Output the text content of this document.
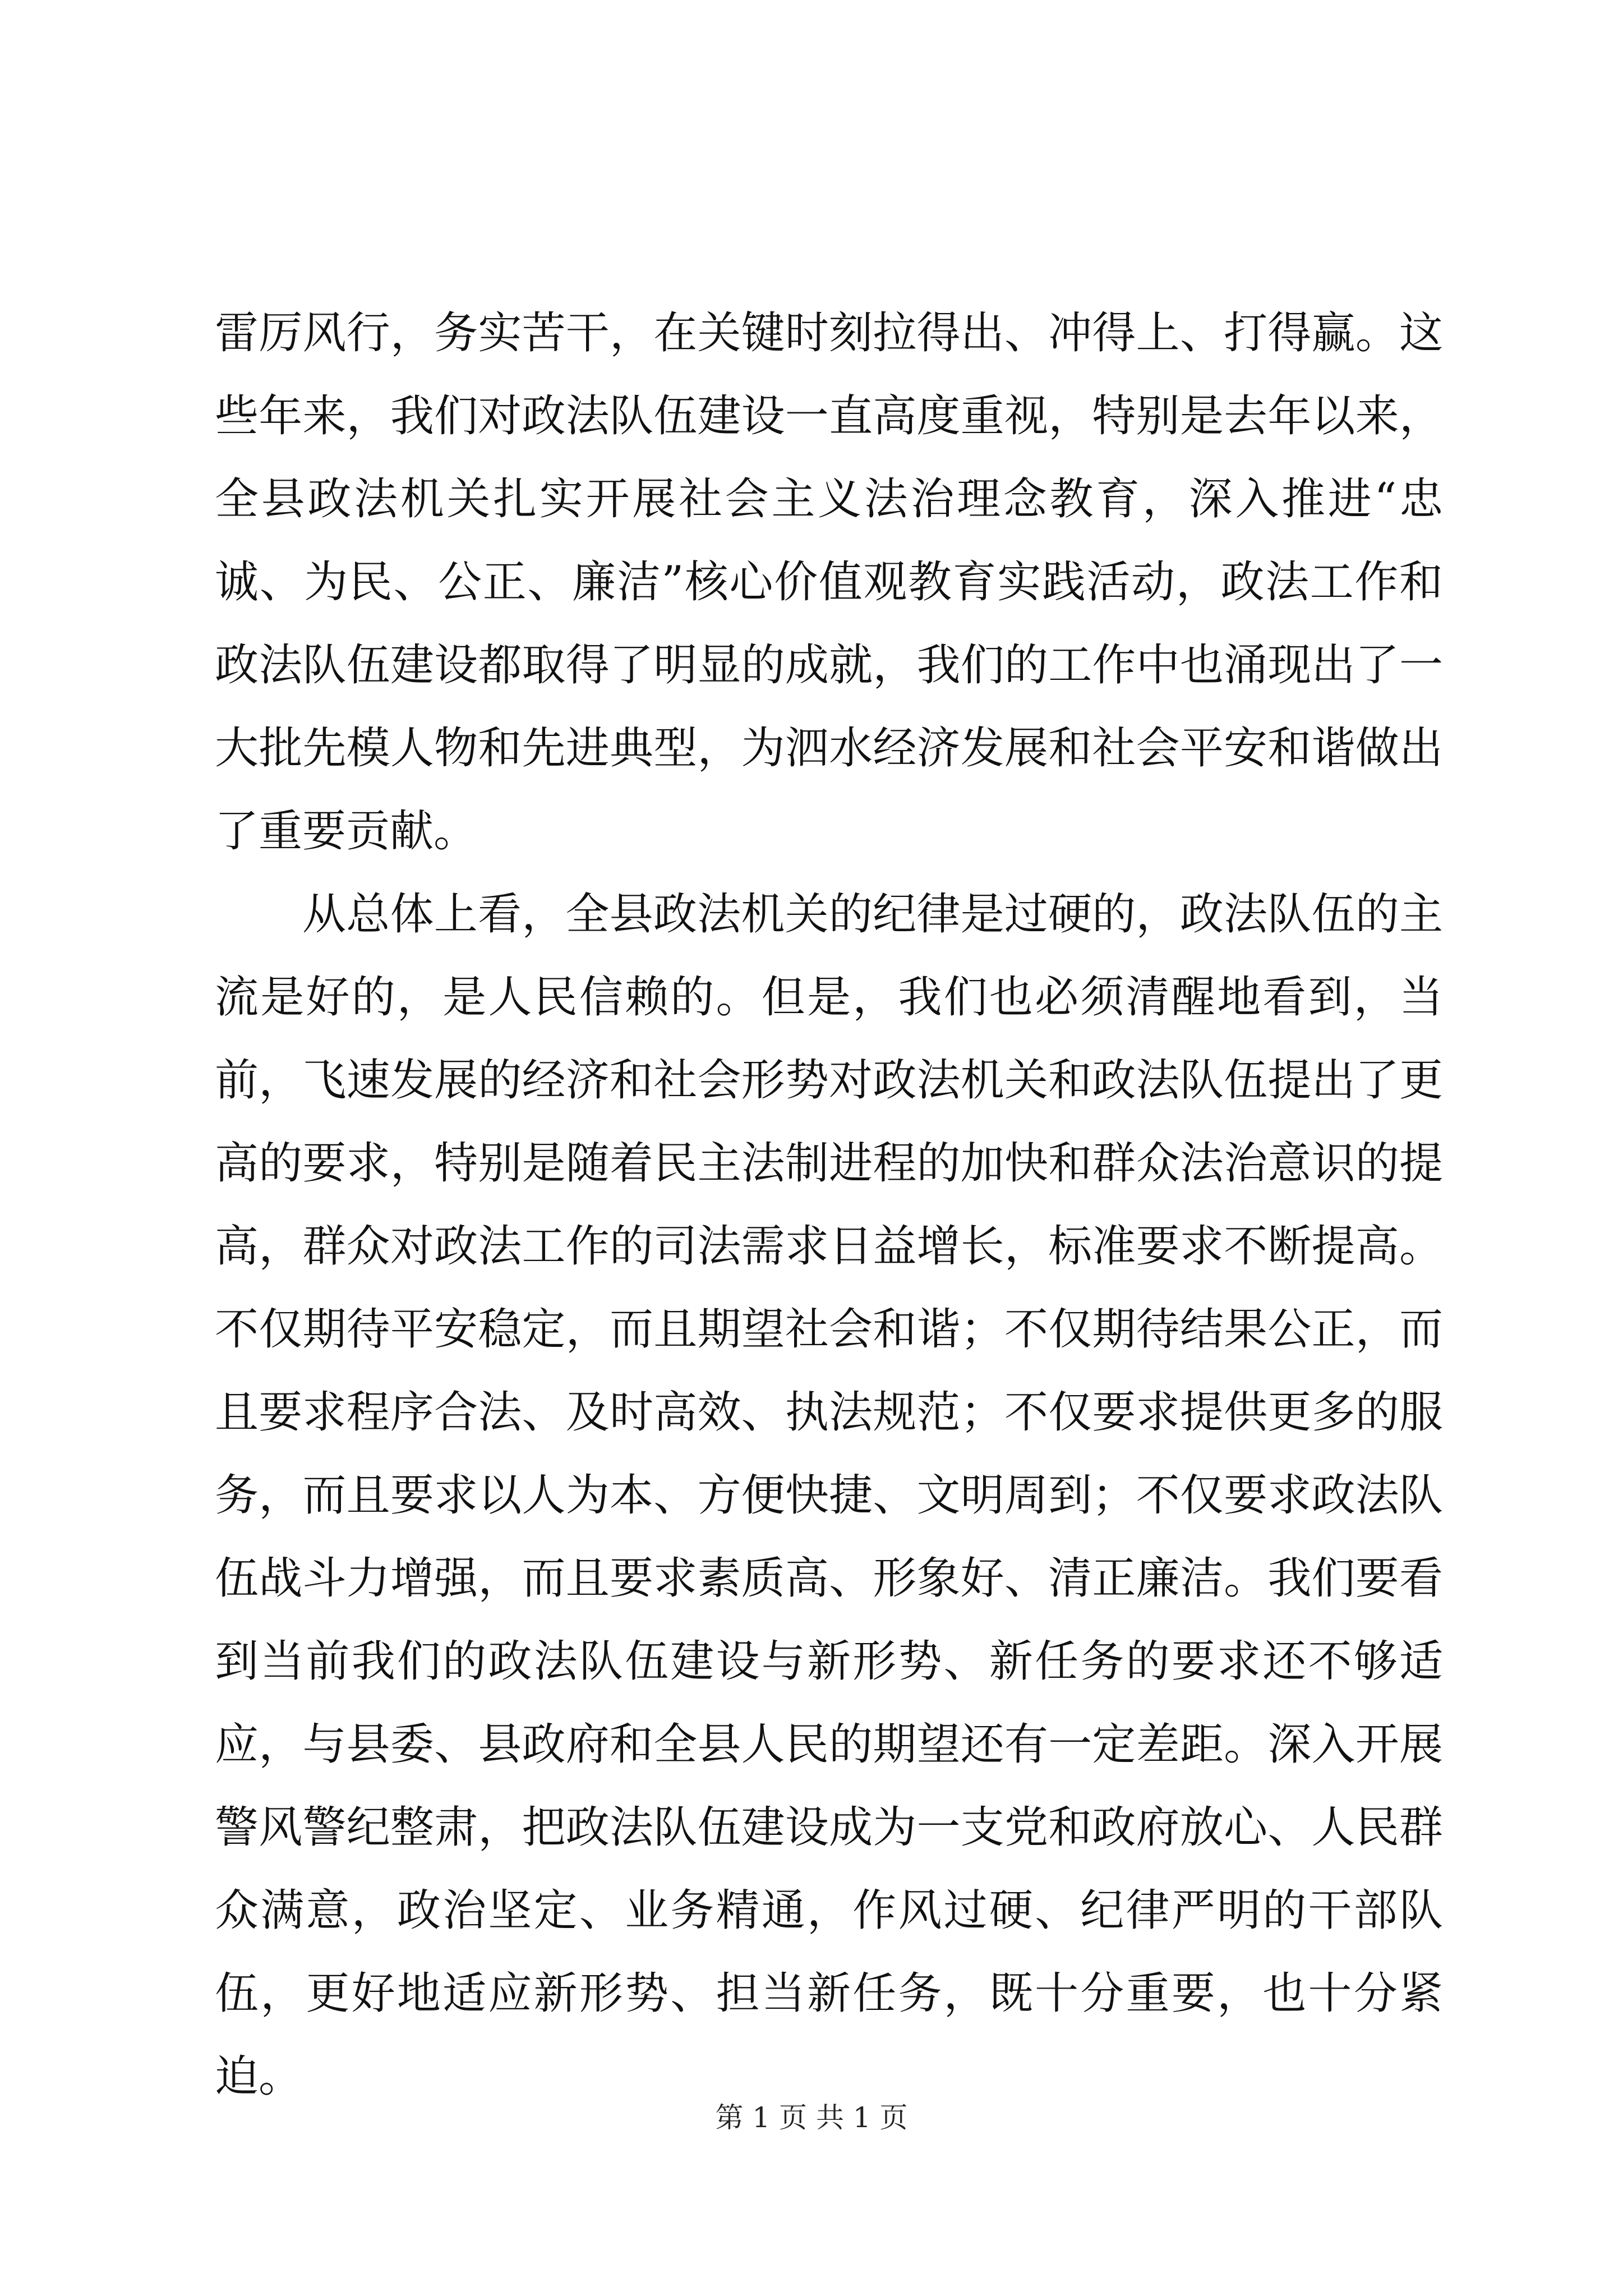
雷厉风行，务实苦干，在关键时刻拉得出、冲得上、打得赢。这些年来，我们对政法队伍建设一直高度重视，特别是去年以来，全县政法机关扎实开展社会主义法治理念教育，深入推进“忠诚、为民、公正、廉洁”核心价值观教育实践活动，政法工作和政法队伍建设都取得了明显的成就，我们的工作中也涌现出了一大批先模人物和先进典型，为泗水经济发展和社会平安和谐做出了重要贡献。

从总体上看，全县政法机关的纪律是过硬的，政法队伍的主流是好的，是人民信赖的。但是，我们也必须清醒地看到，当前，飞速发展的经济和社会形势对政法机关和政法队伍提出了更高的要求，特别是随着民主法制进程的加快和群众法治意识的提高，群众对政法工作的司法需求日益增长，标准要求不断提高。不仅期待平安稳定，而且期望社会和谐；不仅期待结果公正，而且要求程序合法、及时高效、执法规范；不仅要求提供更多的服务，而且要求以人为本、方便快捷、文明周到；不仅要求政法队伍战斗力增强，而且要求素质高、形象好、清正廉洁。我们要看到当前我们的政法队伍建设与新形势、新任务的要求还不够适应，与县委、县政府和全县人民的期望还有一定差距。深入开展警风警纪整肃，把政法队伍建设成为一支党和政府放心、人民群众满意，政治坚定、业务精通，作风过硬、纪律严明的干部队伍，更好地适应新形势、担当新任务，既十分重要，也十分紧迫。

第 1 页 共 1 页
